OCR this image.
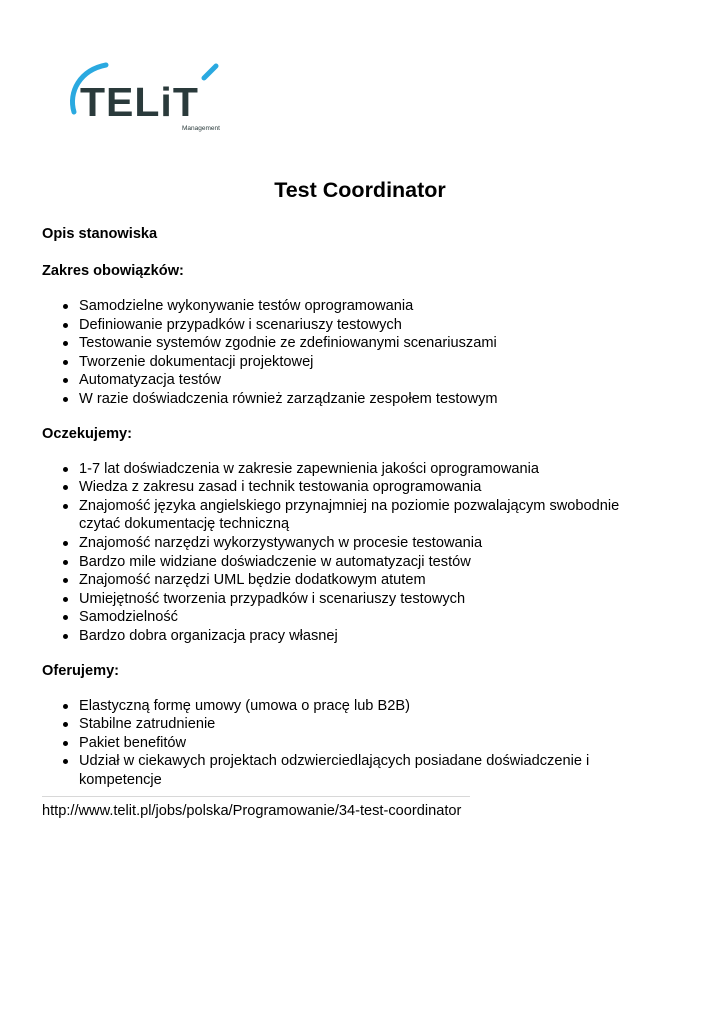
TELiT
Management
Test Coordinator

Opis stanowiska

Zakres obowiązków:

Samodzielne wykonywanie testów oprogramowania
Definiowanie przypadków i scenariuszy testowych
Testowanie systemów zgodnie ze zdefiniowanymi scenariuszami
Tworzenie dokumentacji projektowej
Automatyzacja testów
W razie doświadczenia również zarządzanie zespołem testowym

Oczekujemy:

1-7 lat doświadczenia w zakresie zapewnienia jakości oprogramowania
Wiedza z zakresu zasad i technik testowania oprogramowania
Znajomość języka angielskiego przynajmniej na poziomie pozwalającym swobodnie czytać dokumentację techniczną
Znajomość narzędzi wykorzystywanych w procesie testowania
Bardzo mile widziane doświadczenie w automatyzacji testów
Znajomość narzędzi UML będzie dodatkowym atutem
Umiejętność tworzenia przypadków i scenariuszy testowych
Samodzielność
Bardzo dobra organizacja pracy własnej

Oferujemy:

Elastyczną formę umowy (umowa o pracę lub B2B)
Stabilne zatrudnienie
Pakiet benefitów
Udział w ciekawych projektach odzwierciedlających posiadane doświadczenie i kompetencje
http://www.telit.pl/jobs/polska/Programowanie/34-test-coordinator
